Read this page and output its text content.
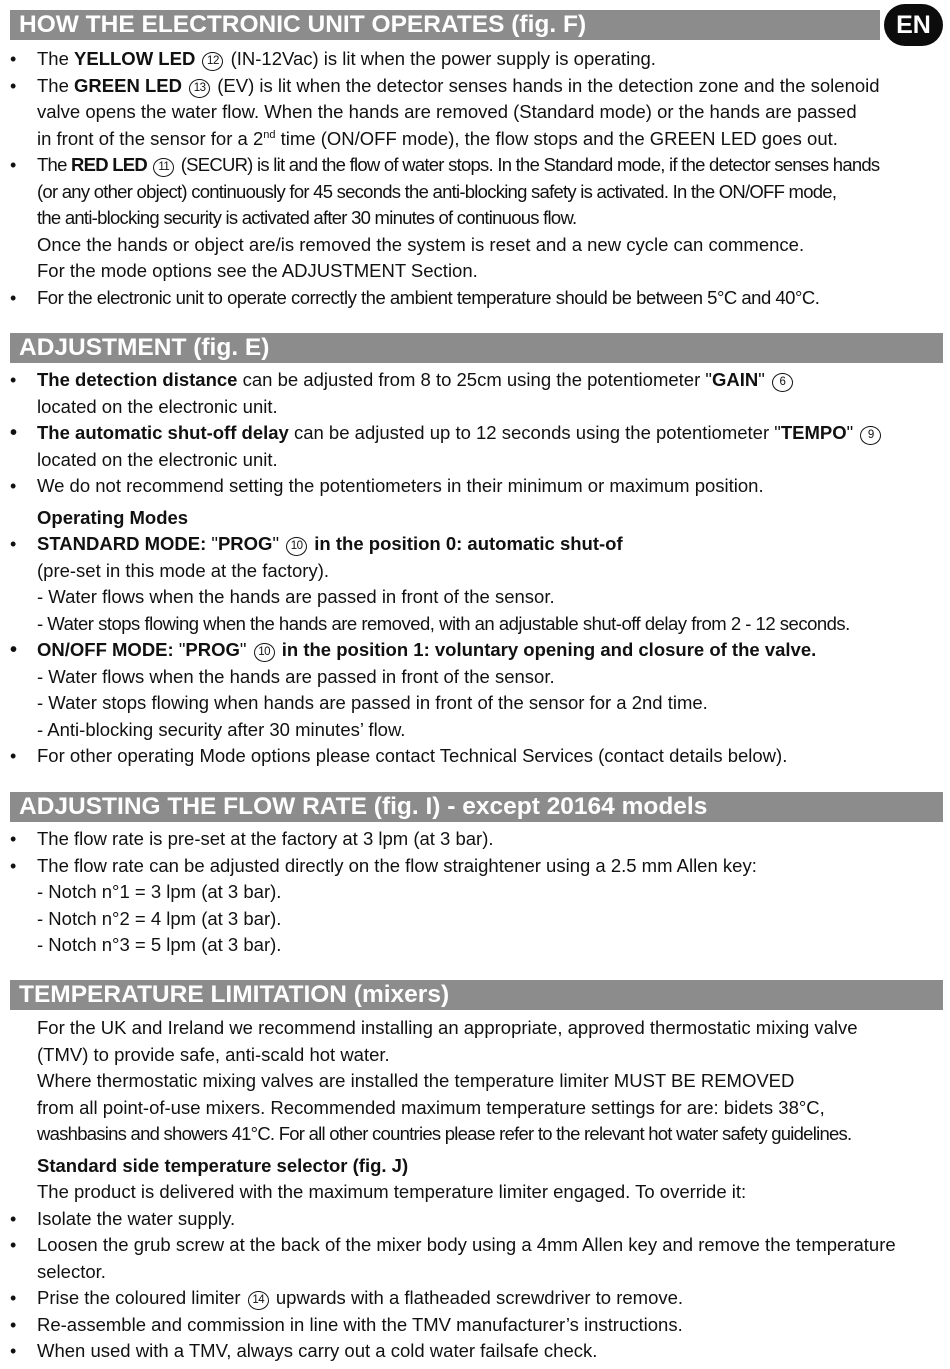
EN
HOW THE ELECTRONIC UNIT OPERATES (fig. F)
•	The YELLOW LED 12 (IN-12Vac) is lit when the power supply is operating.
•	The GREEN LED 13 (EV) is lit when the detector senses hands in the detection zone and the solenoid
valve opens the water flow. When the hands are removed (Standard mode) or the hands are passed
in front of the sensor for a 2nd time (ON/OFF mode), the flow stops and the GREEN LED goes out.
•	The RED LED 11 (SECUR) is lit and the flow of water stops. In the Standard mode, if the detector senses hands
(or any other object) continuously for 45 seconds the anti-blocking safety is activated. In the ON/OFF mode,
the anti-blocking security is activated after 30 minutes of continuous flow.
Once the hands or object are/is removed the system is reset and a new cycle can commence.
For the mode options see the ADJUSTMENT Section.
•	For the electronic unit to operate correctly the ambient temperature should be between 5°C and 40°C.
ADJUSTMENT (fig. E)
•	The detection distance can be adjusted from 8 to 25cm using the potentiometer "GAIN" 6
located on the electronic unit.
•	The automatic shut-off delay can be adjusted up to 12 seconds using the potentiometer "TEMPO" 9
located on the electronic unit.
•	We do not recommend setting the potentiometers in their minimum or maximum position.
Operating Modes
•	STANDARD MODE: "PROG" 10 in the position 0: automatic shut-of
(pre-set in this mode at the factory).
- Water flows when the hands are passed in front of the sensor.
- Water stops flowing when the hands are removed, with an adjustable shut-off delay from 2 - 12 seconds.
•	ON/OFF MODE: "PROG" 10 in the position 1: voluntary opening and closure of the valve.
- Water flows when the hands are passed in front of the sensor.
- Water stops flowing when hands are passed in front of the sensor for a 2nd time.
- Anti-blocking security after 30 minutes’ flow.
•	For other operating Mode options please contact Technical Services (contact details below).
ADJUSTING THE FLOW RATE (fig. I) - except 20164 models
•	The flow rate is pre-set at the factory at 3 lpm (at 3 bar).
•	The flow rate can be adjusted directly on the flow straightener using a 2.5 mm Allen key:
- Notch n°1 = 3 lpm (at 3 bar).
- Notch n°2 = 4 lpm (at 3 bar).
- Notch n°3 = 5 lpm (at 3 bar).
TEMPERATURE LIMITATION (mixers)
For the UK and Ireland we recommend installing an appropriate, approved thermostatic mixing valve
(TMV) to provide safe, anti-scald hot water.
Where thermostatic mixing valves are installed the temperature limiter MUST BE REMOVED
from all point-of-use mixers. Recommended maximum temperature settings for are: bidets 38°C,
washbasins and showers 41°C. For all other countries please refer to the relevant hot water safety guidelines.
Standard side temperature selector (fig. J)
The product is delivered with the maximum temperature limiter engaged. To override it:
•	Isolate the water supply.
•	Loosen the grub screw at the back of the mixer body using a 4mm Allen key and remove the temperature
selector.
•	Prise the coloured limiter 14 upwards with a flatheaded screwdriver to remove.
•	Re-assemble and commission in line with the TMV manufacturer’s instructions.
•	When used with a TMV, always carry out a cold water failsafe check.
